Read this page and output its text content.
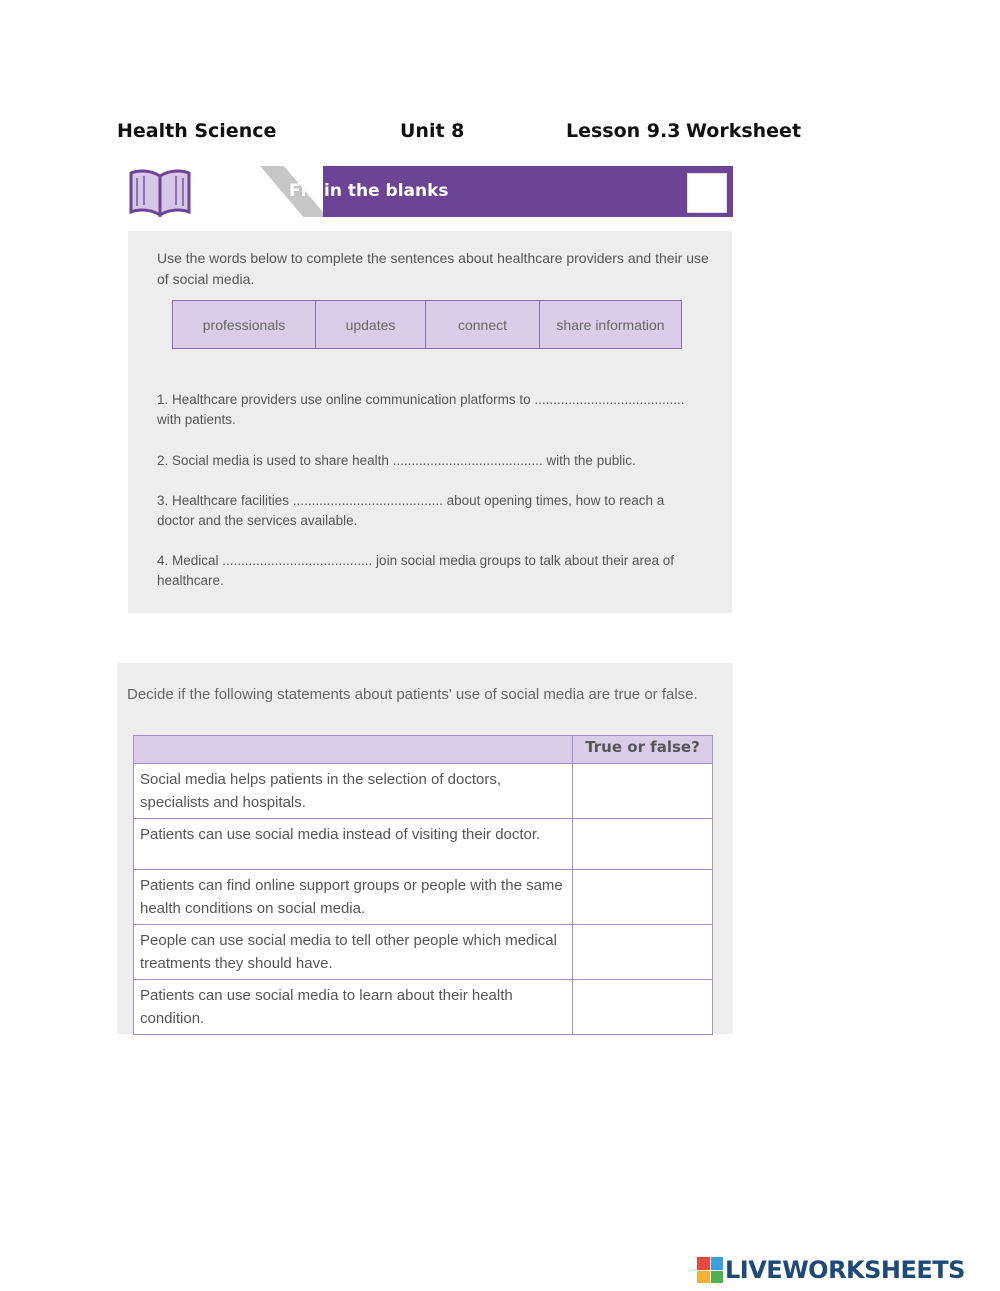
Health Science	Unit 8	Lesson 9.3 Worksheet
Activity 16 Fill in the blanks
Use the words below to complete the sentences about healthcare providers and their use of social media.
professionals	updates	connect	share information
1. Healthcare providers use online communication platforms to ........................................ with patients.
2. Social media is used to share health ........................................ with the public.
3. Healthcare facilities ........................................ about opening times, how to reach a doctor and the services available.
4. Medical ........................................ join social media groups to talk about their area of healthcare.
Decide if the following statements about patients' use of social media are true or false.
	True or false?
Social media helps patients in the selection of doctors, specialists and hospitals.	
Patients can use social media instead of visiting their doctor.	
Patients can find online support groups or people with the same health conditions on social media.	
People can use social media to tell other people which medical treatments they should have.	
Patients can use social media to learn about their health condition.	
LIVEWORKSHEETS
